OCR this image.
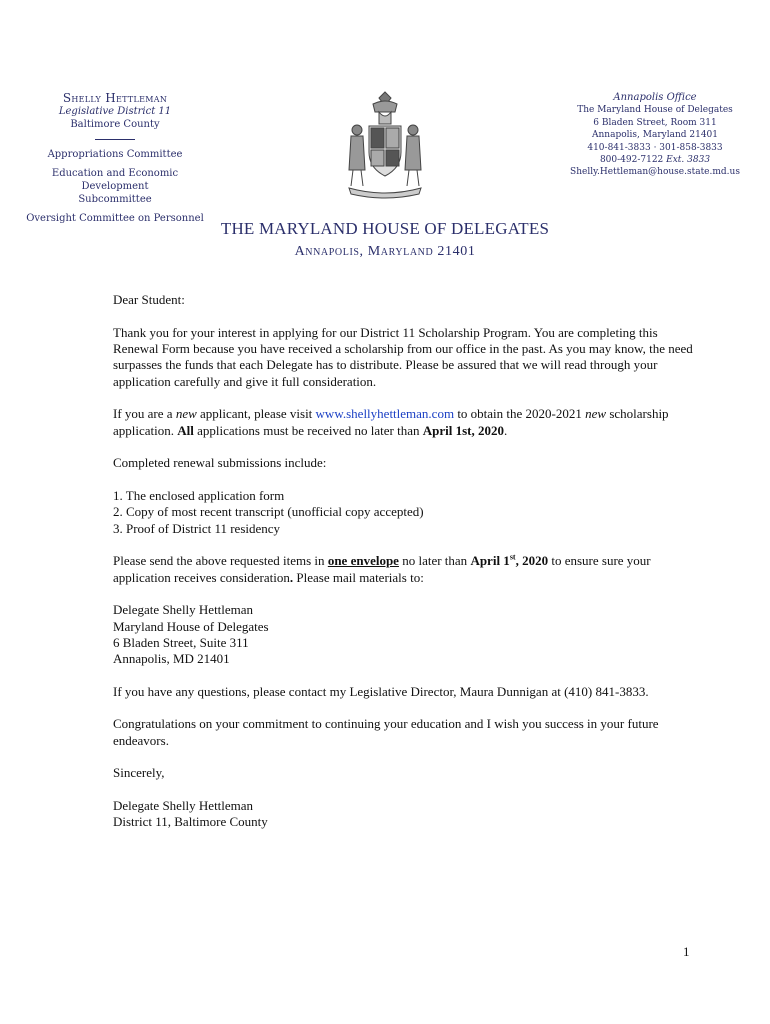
Shelly Hettleman
Legislative District 11
Baltimore County
Appropriations Committee
Education and Economic Development
Subcommittee
Oversight Committee on Personnel
Annapolis Office
The Maryland House of Delegates
6 Bladen Street, Room 311
Annapolis, Maryland 21401
410-841-3833 · 301-858-3833
800-492-7122 Ext. 3833
Shelly.Hettleman@house.state.md.us
THE MARYLAND HOUSE OF DELEGATES
Annapolis, Maryland 21401

Dear Student:

Thank you for your interest in applying for our District 11 Scholarship Program. You are completing this Renewal Form because you have received a scholarship from our office in the past. As you may know, the need surpasses the funds that each Delegate has to distribute. Please be assured that we will read through your application carefully and give it full consideration.

If you are a new applicant, please visit www.shellyhettleman.com to obtain the 2020-2021 new scholarship application. All applications must be received no later than April 1st, 2020.

Completed renewal submissions include:

1. The enclosed application form
2. Copy of most recent transcript (unofficial copy accepted)
3. Proof of District 11 residency

Please send the above requested items in one envelope no later than April 1st, 2020 to ensure sure your application receives consideration. Please mail materials to:

Delegate Shelly Hettleman
Maryland House of Delegates
6 Bladen Street, Suite 311
Annapolis, MD 21401

If you have any questions, please contact my Legislative Director, Maura Dunnigan at (410) 841-3833.

Congratulations on your commitment to continuing your education and I wish you success in your future endeavors.

Sincerely,

Delegate Shelly Hettleman
District 11, Baltimore County

1
